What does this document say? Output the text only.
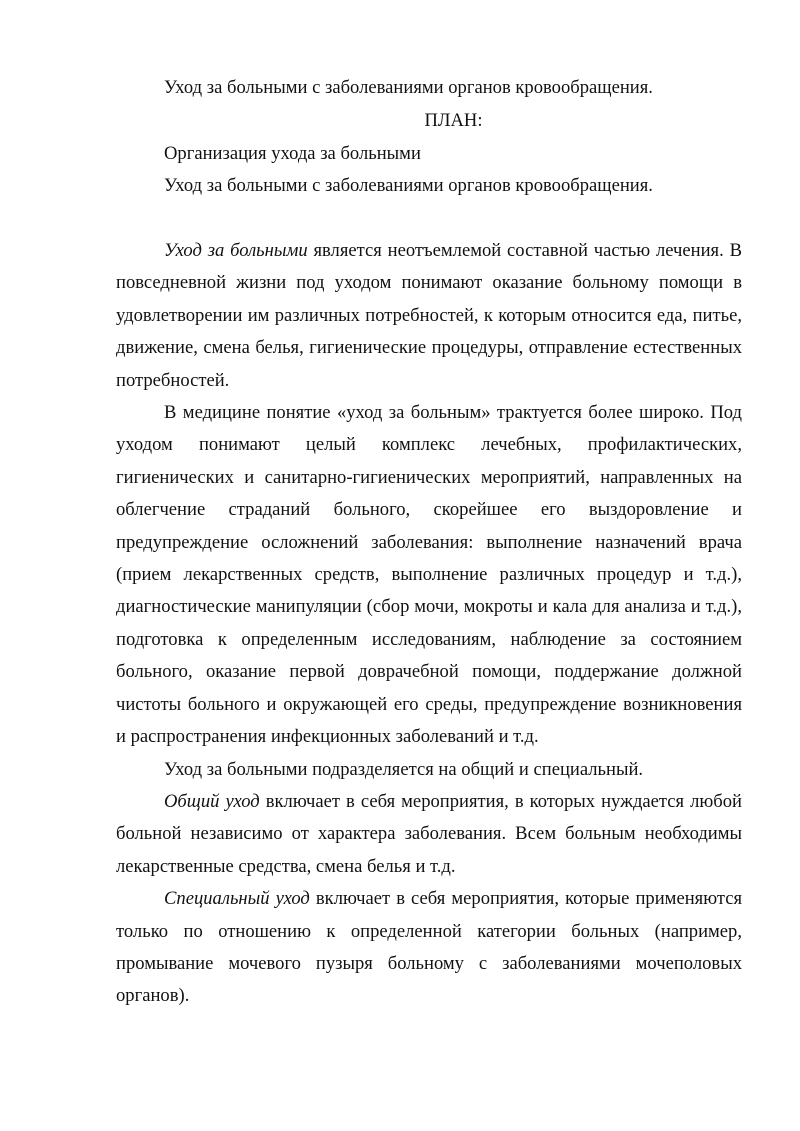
Уход за больными с заболеваниями органов кровообращения.
ПЛАН:
Организация ухода за больными
Уход за больными с заболеваниями органов кровообращения.

Уход за больными является неотъемлемой составной частью лечения. В повседневной жизни под уходом понимают оказание больному помощи в удовлетворении им различных потребностей, к которым относится еда, питье, движение, смена белья, гигиенические процедуры, отправление естественных потребностей.

В медицине понятие «уход за больным» трактуется более широко. Под уходом понимают целый комплекс лечебных, профилактических, гигиенических и санитарно-гигиенических мероприятий, направленных на облегчение страданий больного, скорейшее его выздоровление и предупреждение осложнений заболевания: выполнение назначений врача (прием лекарственных средств, выполнение различных процедур и т.д.), диагностические манипуляции (сбор мочи, мокроты и кала для анализа и т.д.), подготовка к определенным исследованиям, наблюдение за состоянием больного, оказание первой доврачебной помощи, поддержание должной чистоты больного и окружающей его среды, предупреждение возникновения и распространения инфекционных заболеваний и т.д.

Уход за больными подразделяется на общий и специальный.

Общий уход включает в себя мероприятия, в которых нуждается любой больной независимо от характера заболевания. Всем больным необходимы лекарственные средства, смена белья и т.д.

Специальный уход включает в себя мероприятия, которые применяются только по отношению к определенной категории больных (например, промывание мочевого пузыря больному с заболеваниями мочеполовых органов).
